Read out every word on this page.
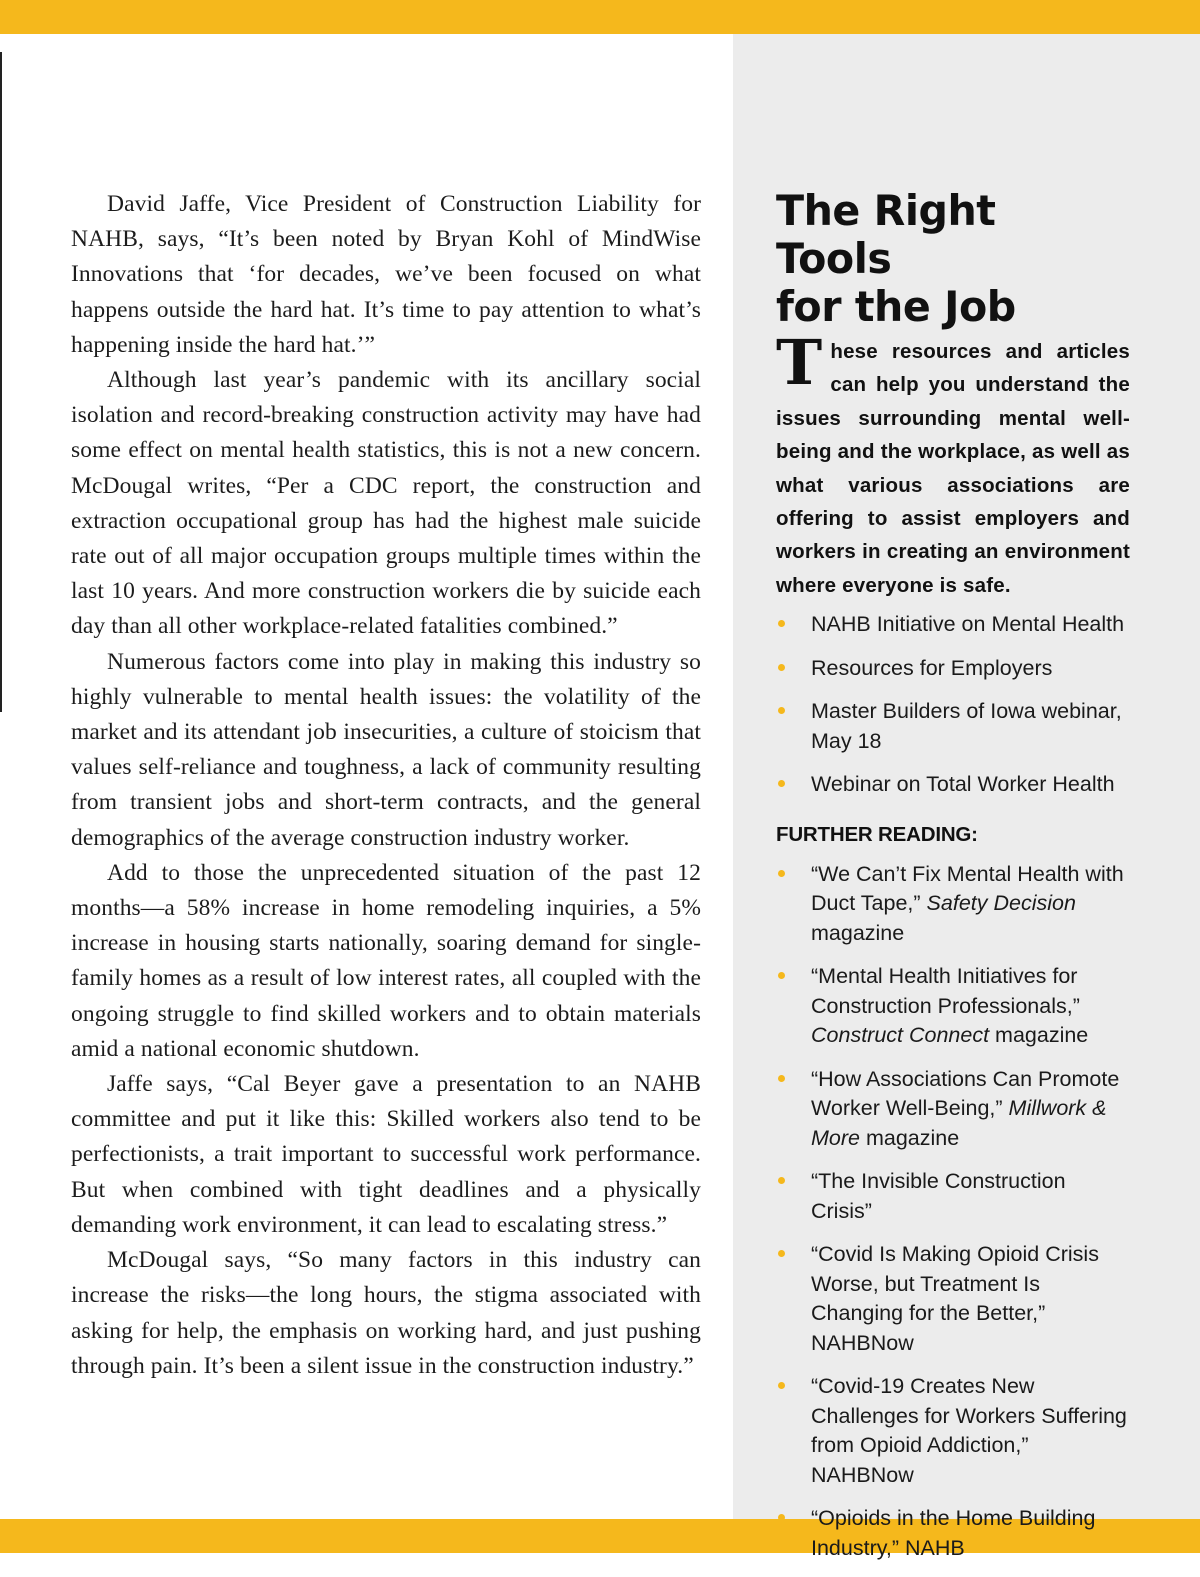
David Jaffe, Vice President of Construction Liability for NAHB, says, “It’s been noted by Bryan Kohl of MindWise Innovations that ‘for decades, we’ve been focused on what happens outside the hard hat. It’s time to pay attention to what’s happening inside the hard hat.’”

Although last year’s pandemic with its ancillary social isolation and record-breaking construction activity may have had some effect on mental health statistics, this is not a new concern. McDougal writes, “Per a CDC report, the construction and extraction occupational group has had the highest male suicide rate out of all major occupation groups multiple times within the last 10 years. And more construction workers die by suicide each day than all other workplace-related fatalities combined.”

Numerous factors come into play in making this industry so highly vulnerable to mental health issues: the volatility of the market and its attendant job insecurities, a culture of stoicism that values self-reliance and toughness, a lack of community resulting from transient jobs and short-term contracts, and the general demographics of the average construction industry worker.

Add to those the unprecedented situation of the past 12 months—a 58% increase in home remodeling inquiries, a 5% increase in housing starts nationally, soaring demand for single-family homes as a result of low interest rates, all coupled with the ongoing struggle to find skilled workers and to obtain materials amid a national economic shutdown.

Jaffe says, “Cal Beyer gave a presentation to an NAHB committee and put it like this: Skilled workers also tend to be perfectionists, a trait important to successful work performance. But when combined with tight deadlines and a physically demanding work environment, it can lead to escalating stress.”

McDougal says, “So many factors in this industry can increase the risks—the long hours, the stigma associated with asking for help, the emphasis on working hard, and just pushing through pain. It’s been a silent issue in the construction industry.”

The Right Tools
for the Job

These resources and articles can help you understand the issues surrounding mental well-being and the workplace, as well as what various associations are offering to assist employers and workers in creating an environment where everyone is safe.

NAHB Initiative on Mental Health
Resources for Employers
Master Builders of Iowa webinar, May 18
Webinar on Total Worker Health
FURTHER READING:
“We Can’t Fix Mental Health with Duct Tape,” Safety Decision magazine
“Mental Health Initiatives for Construction Professionals,” Construct Connect magazine
“How Associations Can Promote Worker Well-Being,” Millwork & More magazine
“The Invisible Construction Crisis”
“Covid Is Making Opioid Crisis Worse, but Treatment Is Changing for the Better,” NAHBNow
“Covid-19 Creates New Challenges for Workers Suffering from Opioid Addiction,” NAHBNow
“Opioids in the Home Building Industry,” NAHB
